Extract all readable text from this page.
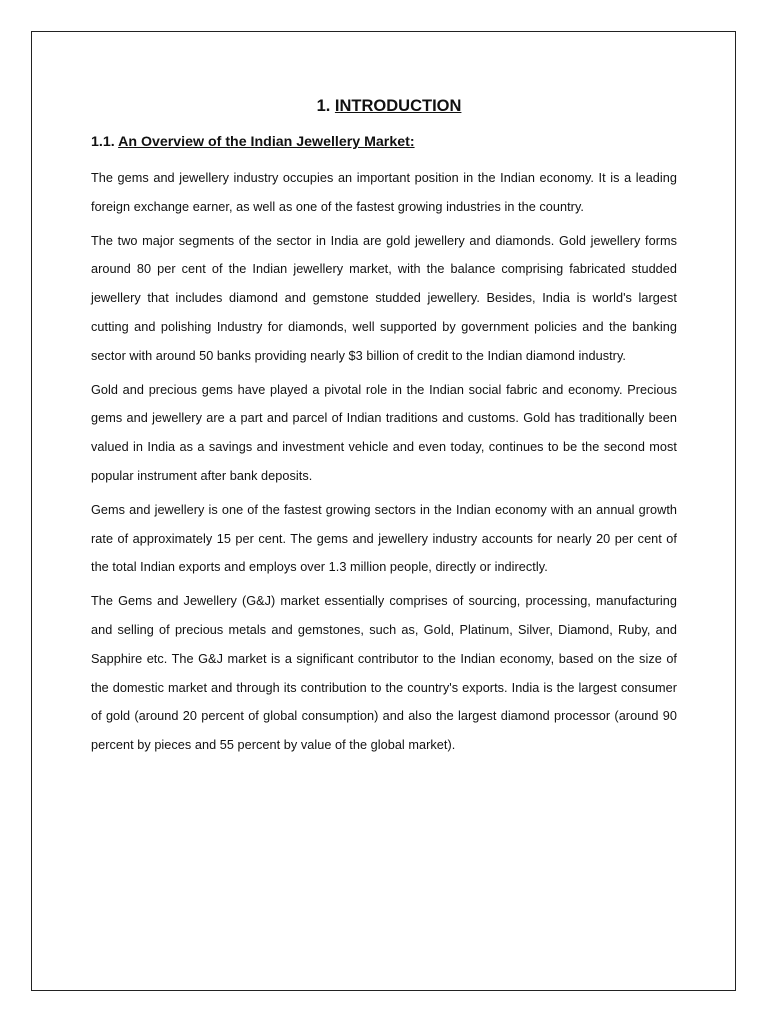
1. INTRODUCTION
1.1. An Overview of the Indian Jewellery Market:

The gems and jewellery industry occupies an important position in the Indian economy. It is a leading foreign exchange earner, as well as one of the fastest growing industries in the country.

The two major segments of the sector in India are gold jewellery and diamonds. Gold jewellery forms around 80 per cent of the Indian jewellery market, with the balance comprising fabricated studded jewellery that includes diamond and gemstone studded jewellery. Besides, India is world's largest cutting and polishing Industry for diamonds, well supported by government policies and the banking sector with around 50 banks providing nearly $3 billion of credit to the Indian diamond industry.

Gold and precious gems have played a pivotal role in the Indian social fabric and economy. Precious gems and jewellery are a part and parcel of Indian traditions and customs. Gold has traditionally been valued in India as a savings and investment vehicle and even today, continues to be the second most popular instrument after bank deposits.

Gems and jewellery is one of the fastest growing sectors in the Indian economy with an annual growth rate of approximately 15 per cent. The gems and jewellery industry accounts for nearly 20 per cent of the total Indian exports and employs over 1.3 million people, directly or indirectly.

The Gems and Jewellery (G&J) market essentially comprises of sourcing, processing, manufacturing and selling of precious metals and gemstones, such as, Gold, Platinum, Silver, Diamond, Ruby, and Sapphire etc. The G&J market is a significant contributor to the Indian economy, based on the size of the domestic market and through its contribution to the country's exports. India is the largest consumer of gold (around 20 percent of global consumption) and also the largest diamond processor (around 90 percent by pieces and 55 percent by value of the global market).
